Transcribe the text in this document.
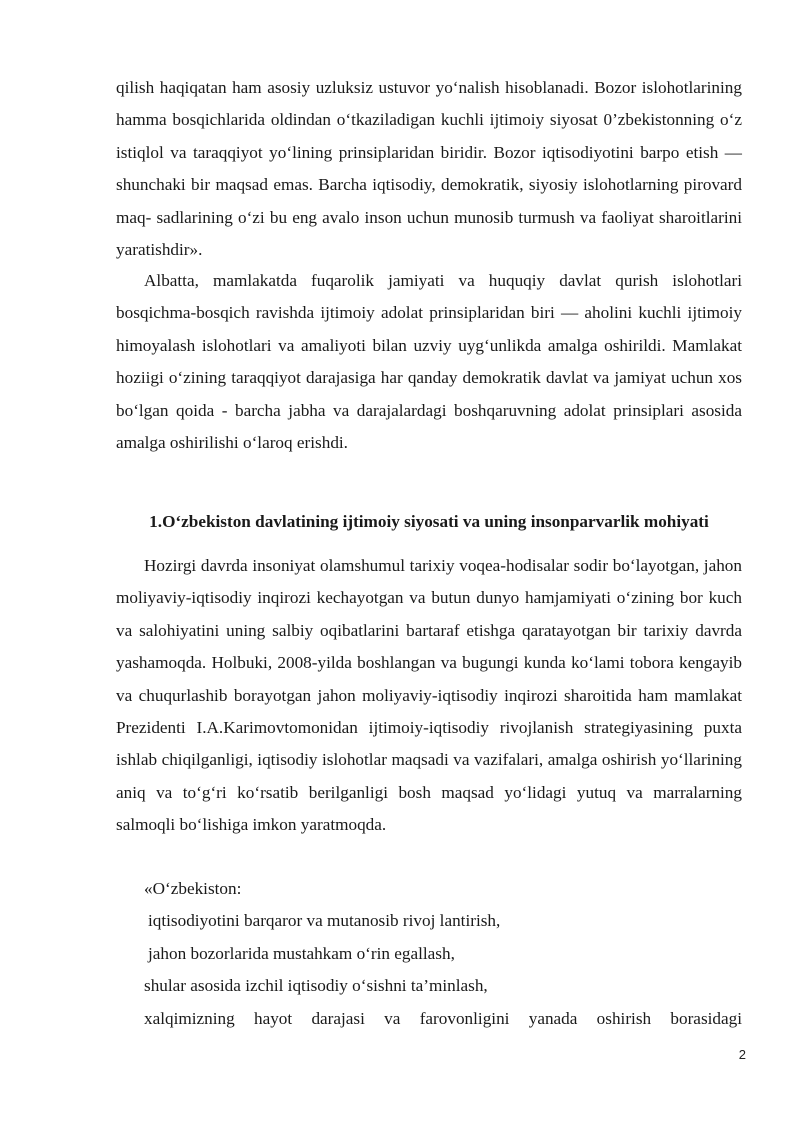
qilish haqiqatan ham asosiy uzluksiz ustuvor yo‘nalish hisoblanadi. Bozor islohotlarining hamma bosqichlarida oldindan o‘tkaziladigan kuchli ijtimoiy siyosat 0’zbekistonning o‘z istiqlol va taraqqiyot yo‘lining prinsiplaridan biridir. Bozor iqtisodiyotini barpo etish — shunchaki bir maqsad emas. Barcha iqtisodiy, demokratik, siyosiy islohotlarning pirovard maq- sadlarining o‘zi bu eng avalo inson uchun munosib turmush va faoliyat sharoitlarini yaratishdir».

Albatta, mamlakatda fuqarolik jamiyati va huquqiy davlat qurish islohotlari bosqichma-bosqich ravishda ijtimoiy adolat prinsiplaridan biri — aholini kuchli ijtimoiy himoyalash islohotlari va amaliyoti bilan uzviy uyg‘unlikda amalga oshirildi. Mamlakat hoziigi o‘zining taraqqiyot darajasiga har qanday demokratik davlat va jamiyat uchun xos bo‘lgan qoida - barcha jabha va darajalardagi boshqaruvning adolat prinsiplari asosida amalga oshirilishi o‘laroq erishdi.

1.O‘zbekiston davlatining ijtimoiy siyosati va uning insonparvarlik mohiyati

Hozirgi davrda insoniyat olamshumul tarixiy voqea-hodisalar sodir bo‘layotgan, jahon moliyaviy-iqtisodiy inqirozi kechayotgan va butun dunyo hamjamiyati o‘zining bor kuch va salohiyatini uning salbiy oqibatlarini bartaraf etishga qaratayotgan bir tarixiy davrda yashamoqda. Holbuki, 2008-yilda boshlangan va bugungi kunda ko‘lami tobora kengayib va chuqurlashib borayotgan jahon moliyaviy-iqtisodiy inqirozi sharoitida ham mamlakat Prezidenti I.A.Karimovtomonidan ijtimoiy-iqtisodiy rivojlanish strategiyasining puxta ishlab chiqilganligi, iqtisodiy islohotlar maqsadi va vazifalari, amalga oshirish yo‘llarining aniq va to‘g‘ri ko‘rsatib berilganligi bosh maqsad yo‘lidagi yutuq va marralarning salmoqli bo‘lishiga imkon yaratmoqda.

«O‘zbekiston:
iqtisodiyotini barqaror va mutanosib rivoj lantirish,
jahon bozorlarida mustahkam o‘rin egallash,
shular asosida izchil iqtisodiy o‘sishni ta’minlash,
xalqimizning hayot darajasi va farovonligini yanada oshirish borasidagi
2
